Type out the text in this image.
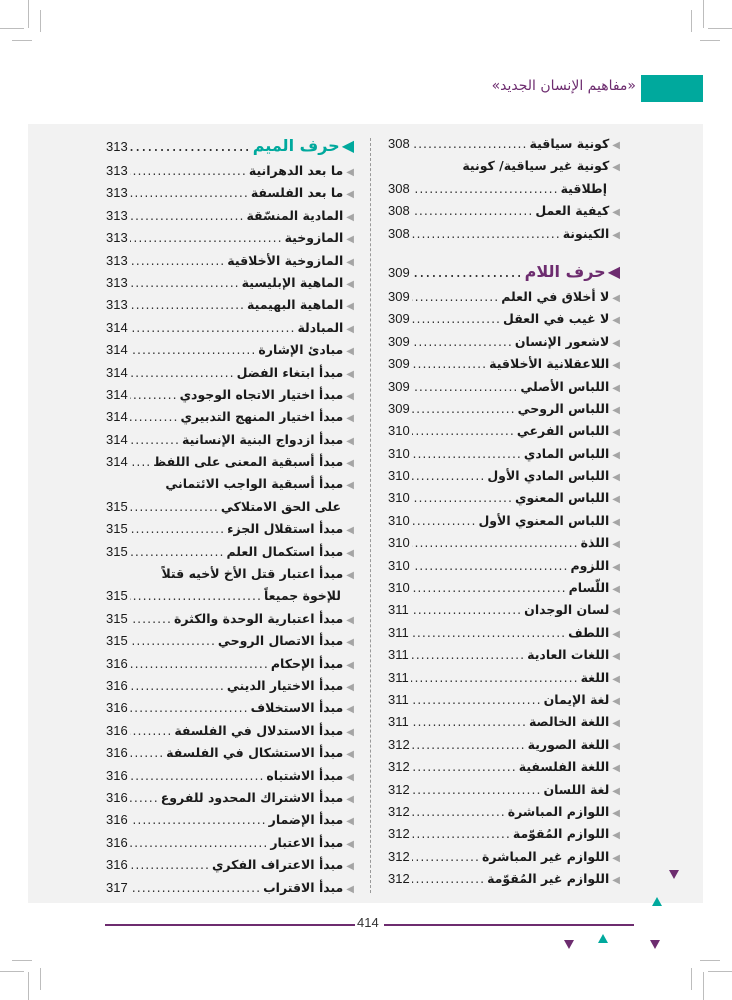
«مفاهيم الإنسان الجديد»
◀
كونية سياقية
.....
308
◀
كونية غير سياقية/ كونية
إطلاقية
.....
308
◀
كيفية العمل
.....
308
◀
الكينونة
.....
308
◀
حرف اللام
.....
309
◀
لا أخلاق في العلم
.....
309
◀
لا غيب في العقل
.....
309
◀
لاشعور الإنسان
.....
309
◀
اللاعقلانية الأخلاقية
.....
309
◀
اللباس الأصلي
.....
309
◀
اللباس الروحي
.....
309
◀
اللباس الفرعي
.....
310
◀
اللباس المادي
.....
310
◀
اللباس المادي الأول
.....
310
◀
اللباس المعنوي
.....
310
◀
اللباس المعنوي الأول
.....
310
◀
اللذة
.....
310
◀
اللزوم
.....
310
◀
اللّسام
.....
310
◀
لسان الوجدان
.....
311
◀
اللطف
.....
311
◀
اللغات العادية
.....
311
◀
اللغة
.....
311
◀
لغة الإيمان
.....
311
◀
اللغة الخالصة
.....
311
◀
اللغة الصورية
.....
312
◀
اللغة الفلسفية
.....
312
◀
لغة اللسان
.....
312
◀
اللوازم المباشرة
.....
312
◀
اللوازم المُقوّمة
.....
312
◀
اللوازم غير المباشرة
.....
312
◀
اللوازم غير المُقوّمة
.....
312
◀
حرف الميم
.....
313
◀
ما بعد الدهرانية
.....
313
◀
ما بعد الفلسفة
.....
313
◀
المادية المنسّقة
.....
313
◀
المازوخية
.....
313
◀
المازوخية الأخلاقية
.....
313
◀
الماهية الإبليسية
.....
313
◀
الماهية البهيمية
.....
313
◀
المبادلة
.....
314
◀
مبادئ الإشارة
.....
314
◀
مبدأ ابتغاء الفضل
.....
314
◀
مبدأ اختيار الاتجاه الوجودي
.....
314
◀
مبدأ اختيار المنهج التدبيري
.....
314
◀
مبدأ ازدواج البنية الإنسانية
.....
314
◀
مبدأ أسبقية المعنى على اللفظ
.....
314
◀
مبدأ أسبقية الواجب الائتماني
على الحق الامتلاكي
.....
315
◀
مبدأ استقلال الجزء
.....
315
◀
مبدأ استكمال العلم
.....
315
◀
مبدأ اعتبار قتل الأخ لأخيه قتلاً
للإخوة جميعاً
.....
315
◀
مبدأ اعتبارية الوحدة والكثرة
.....
315
◀
مبدأ الاتصال الروحي
.....
315
◀
مبدأ الإحكام
.....
316
◀
مبدأ الاختيار الديني
.....
316
◀
مبدأ الاستخلاف
.....
316
◀
مبدأ الاستدلال في الفلسفة
.....
316
◀
مبدأ الاستشكال في الفلسفة
.....
316
◀
مبدأ الاشتباه
.....
316
◀
مبدأ الاشتراك المحدود للفروع
.....
316
◀
مبدأ الإضمار
.....
316
◀
مبدأ الاعتبار
.....
316
◀
مبدأ الاعتراف الفكري
.....
316
◀
مبدأ الاقتراب
.....
317
414
